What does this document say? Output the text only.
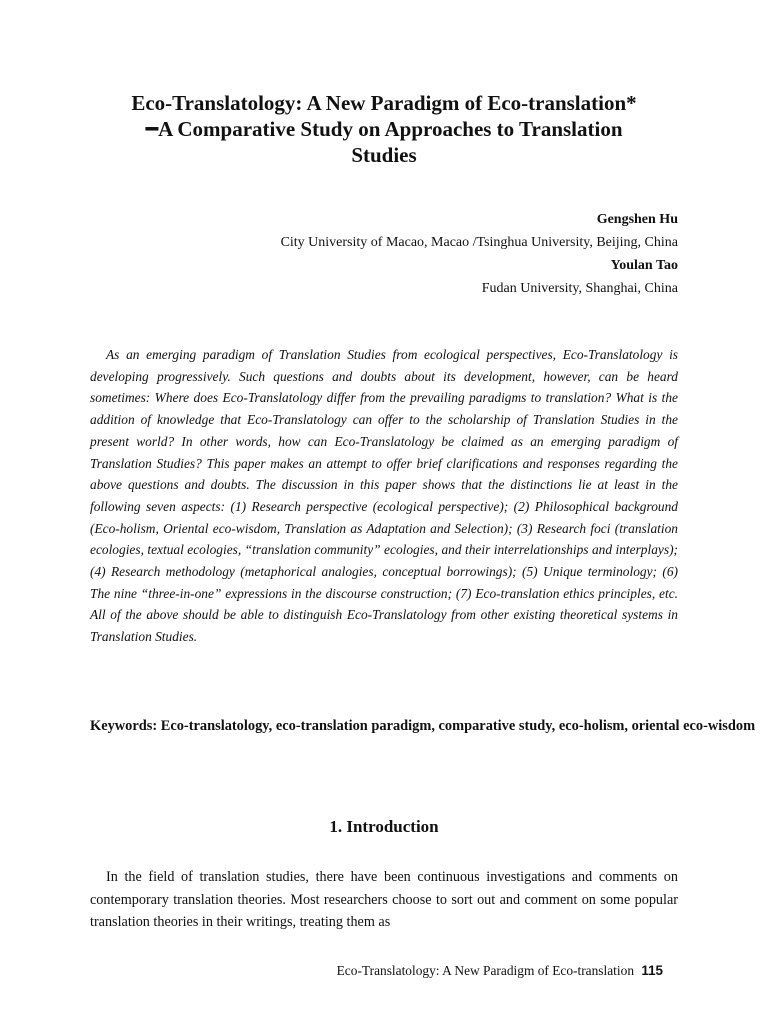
Eco-Translatology: A New Paradigm of Eco-translation*
━A Comparative Study on Approaches to Translation
Studies
Gengshen Hu
City University of Macao, Macao /Tsinghua University, Beijing, China
Youlan Tao
Fudan University, Shanghai, China

As an emerging paradigm of Translation Studies from ecological perspectives, Eco-Translatology is developing progressively. Such questions and doubts about its development, however, can be heard sometimes: Where does Eco-Translatology differ from the prevailing paradigms to translation? What is the addition of knowledge that Eco-Translatology can offer to the scholarship of Translation Studies in the present world? In other words, how can Eco-Translatology be claimed as an emerging paradigm of Translation Studies? This paper makes an attempt to offer brief clarifications and responses regarding the above questions and doubts. The discussion in this paper shows that the distinctions lie at least in the following seven aspects: (1) Research perspective (ecological perspective); (2) Philosophical background (Eco-holism, Oriental eco-wisdom, Translation as Adaptation and Selection); (3) Research foci (translation ecologies, textual ecologies, “translation community” ecologies, and their interrelationships and interplays); (4) Research methodology (metaphorical analogies, conceptual borrowings); (5) Unique terminology; (6) The nine “three-in-one” expressions in the discourse construction; (7) Eco-translation ethics principles, etc. All of the above should be able to distinguish Eco-Translatology from other existing theoretical systems in Translation Studies.

Keywords: Eco-translatology, eco-translation paradigm, comparative study, eco-holism, oriental eco-wisdom
1. Introduction

In the field of translation studies, there have been continuous investigations and comments on contemporary translation theories. Most researchers choose to sort out and comment on some popular translation theories in their writings, treating them as

Eco-Translatology: A New Paradigm of Eco-translation 115
